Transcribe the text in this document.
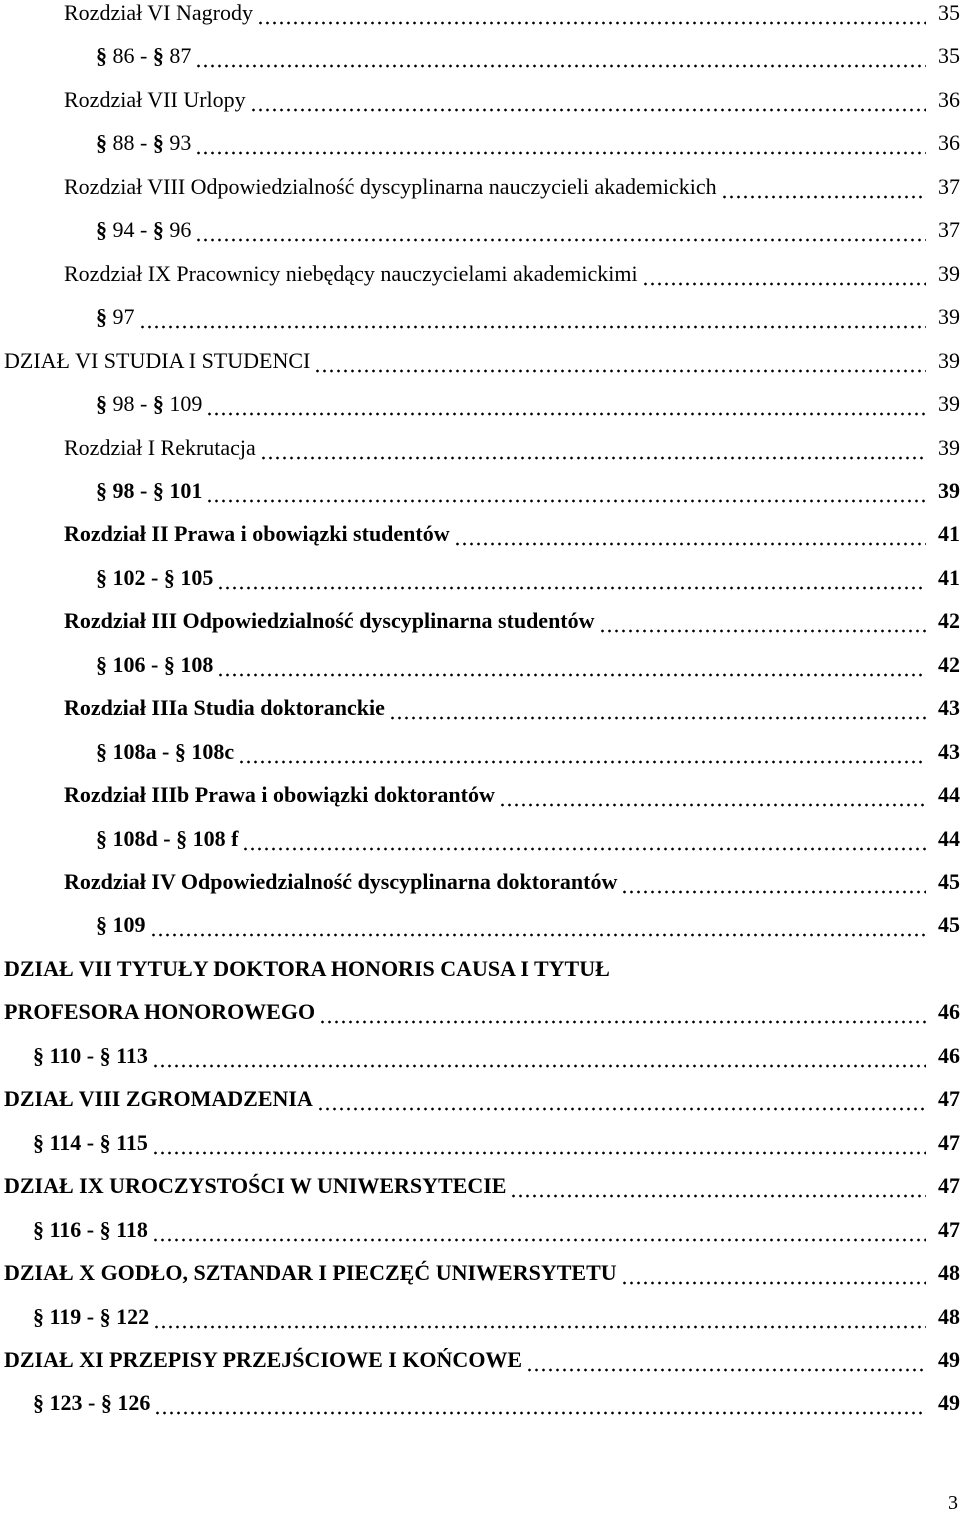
Rozdział VI Nagrody	35
§ 86 - § 87	35
Rozdział VII Urlopy	36
§ 88 - § 93	36
Rozdział VIII Odpowiedzialność dyscyplinarna nauczycieli akademickich	37
§ 94 - § 96	37
Rozdział IX Pracownicy niebędący nauczycielami akademickimi	39
§ 97	39
DZIAŁ VI STUDIA I STUDENCI	39
§ 98 - § 109	39
Rozdział I Rekrutacja	39
§ 98 - § 101	39
Rozdział II Prawa i obowiązki studentów	41
§ 102 - § 105	41
Rozdział III Odpowiedzialność dyscyplinarna studentów	42
§ 106 - § 108	42
Rozdział IIIa Studia doktoranckie	43
§ 108a - § 108c	43
Rozdział IIIb Prawa i obowiązki doktorantów	44
§ 108d - § 108 f	44
Rozdział IV Odpowiedzialność dyscyplinarna doktorantów	45
§ 109	45
DZIAŁ VII TYTUŁY DOKTORA HONORIS CAUSA I TYTUŁ
PROFESORA HONOROWEGO	46
§ 110 - § 113	46
DZIAŁ VIII ZGROMADZENIA	47
§ 114 - § 115	47
DZIAŁ IX UROCZYSTOŚCI W UNIWERSYTECIE	47
§ 116 - § 118	47
DZIAŁ X GODŁO, SZTANDAR I PIECZĘĆ UNIWERSYTETU	48
§ 119 - § 122	48
DZIAŁ XI PRZEPISY PRZEJŚCIOWE I KOŃCOWE	49
§ 123 - § 126	49
3
